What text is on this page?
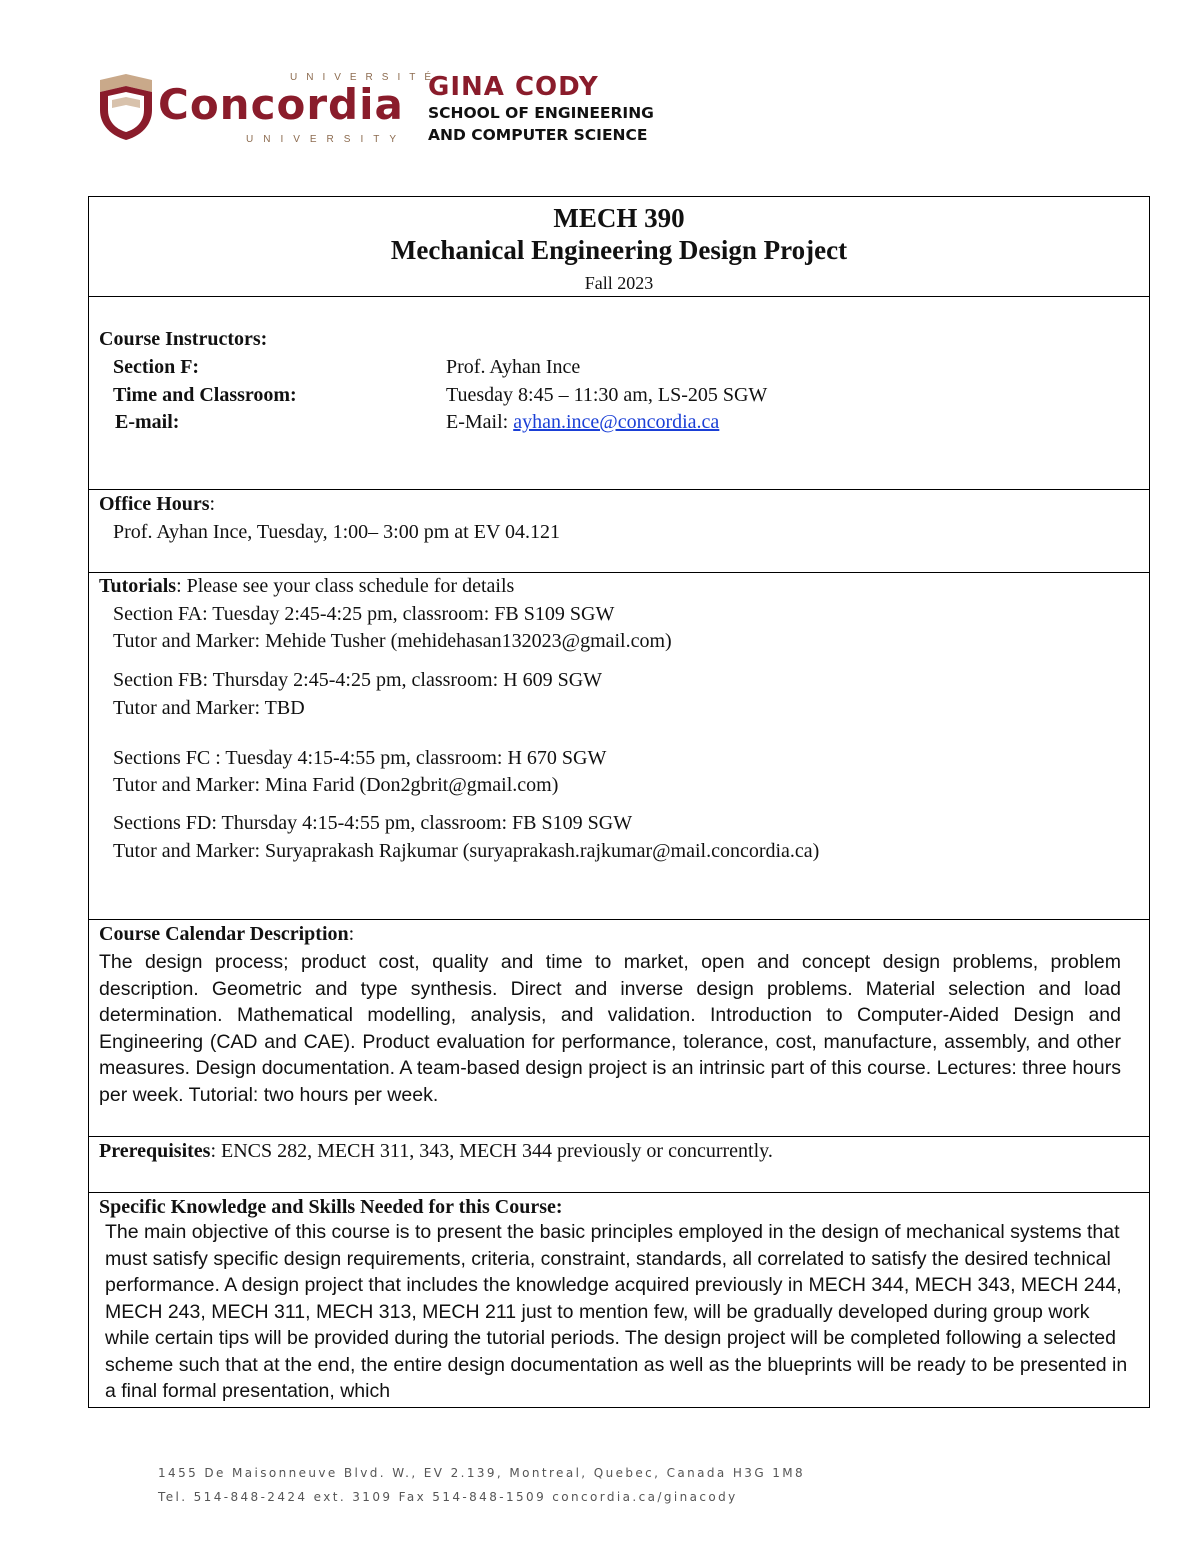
UNIVERSITÉ
Concordia
UNIVERSITY
GINA CODY
SCHOOL OF ENGINEERING
AND COMPUTER SCIENCE
MECH 390
Mechanical Engineering Design Project
Fall 2023
Course Instructors:
Section F:	Prof. Ayhan Ince
Time and Classroom:	Tuesday 8:45 – 11:30 am, LS-205 SGW
E-mail:	E-Mail: ayhan.ince@concordia.ca
Office Hours:
Prof. Ayhan Ince, Tuesday, 1:00– 3:00 pm at EV 04.121
Tutorials: Please see your class schedule for details
Section FA: Tuesday 2:45-4:25 pm, classroom: FB S109 SGW
Tutor and Marker: Mehide Tusher (mehidehasan132023@gmail.com)
Section FB: Thursday 2:45-4:25 pm, classroom: H 609 SGW
Tutor and Marker: TBD
Sections FC : Tuesday 4:15-4:55 pm, classroom: H 670 SGW
Tutor and Marker: Mina Farid (Don2gbrit@gmail.com)
Sections FD: Thursday 4:15-4:55 pm, classroom: FB S109 SGW
Tutor and Marker: Suryaprakash Rajkumar (suryaprakash.rajkumar@mail.concordia.ca)
Course Calendar Description:
The design process; product cost, quality and time to market, open and concept design problems, problem description. Geometric and type synthesis. Direct and inverse design problems. Material selection and load determination. Mathematical modelling, analysis, and validation. Introduction to Computer-Aided Design and Engineering (CAD and CAE). Product evaluation for performance, tolerance, cost, manufacture, assembly, and other measures. Design documentation. A team-based design project is an intrinsic part of this course. Lectures: three hours per week. Tutorial: two hours per week.
Prerequisites: ENCS 282, MECH 311, 343, MECH 344 previously or concurrently.
Specific Knowledge and Skills Needed for this Course:
The main objective of this course is to present the basic principles employed in the design of mechanical systems that must satisfy specific design requirements, criteria, constraint, standards, all correlated to satisfy the desired technical performance. A design project that includes the knowledge acquired previously in MECH 344, MECH 343, MECH 244, MECH 243, MECH 311, MECH 313, MECH 211 just to mention few, will be gradually developed during group work while certain tips will be provided during the tutorial periods. The design project will be completed following a selected scheme such that at the end, the entire design documentation as well as the blueprints will be ready to be presented in a final formal presentation, which
1455 De Maisonneuve Blvd. W., EV 2.139, Montreal, Quebec, Canada H3G 1M8
Tel. 514-848-2424 ext. 3109 Fax 514-848-1509 concordia.ca/ginacody
